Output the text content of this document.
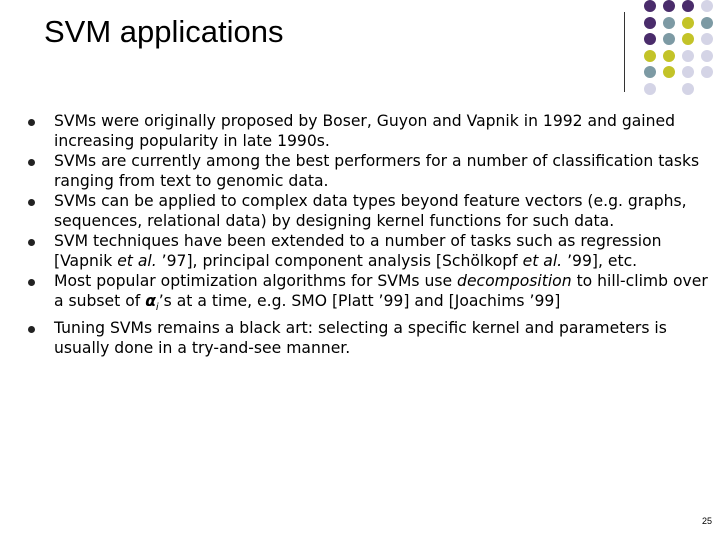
SVM applications
SVMs were originally proposed by Boser, Guyon and Vapnik in 1992 and gained increasing popularity in late 1990s.
SVMs are currently among the best performers for a number of classification tasks ranging from text to genomic data.
SVMs can be applied to complex data types beyond feature vectors (e.g. graphs, sequences, relational data) by designing kernel functions for such data.
SVM techniques have been extended to a number of tasks such as regression [Vapnik et al. ’97], principal component analysis [Schölkopf et al. ’99], etc.
Most popular optimization algorithms for SVMs use decomposition to hill-climb over a subset of $\alpha_i’s$ at a time, e.g. SMO [Platt ’99] and [Joachims ’99]
Tuning SVMs remains a black art: selecting a specific kernel and parameters is usually done in a try-and-see manner.
25
